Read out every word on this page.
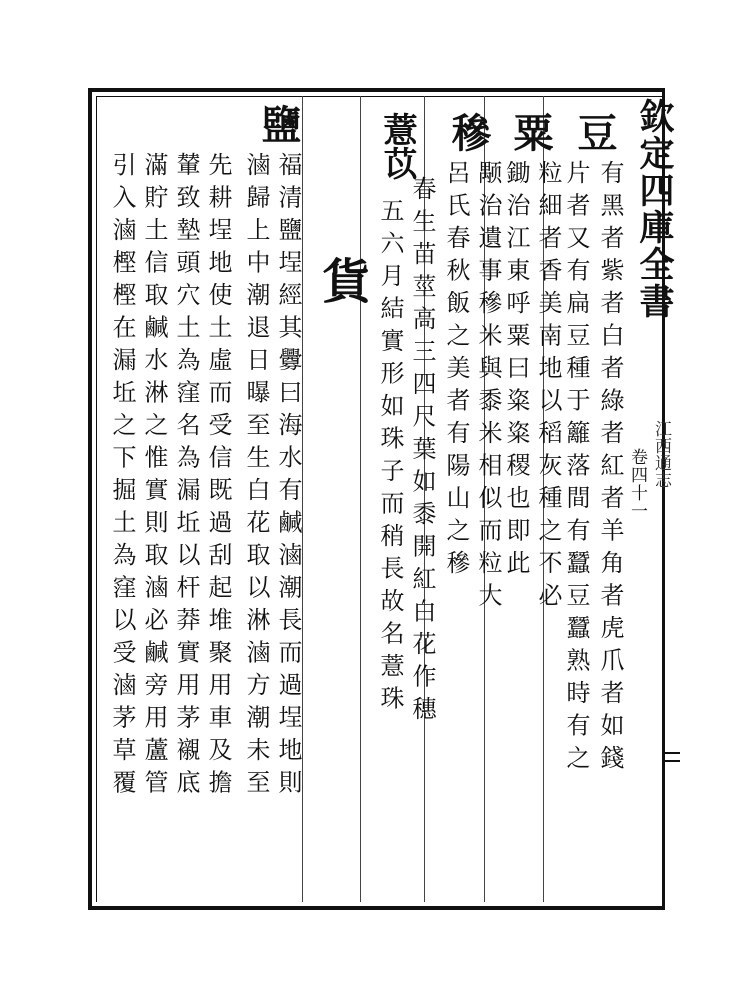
欽定四庫全書
江西通志
卷四十一
豆
有黑者紫者白者綠者紅者羊角者虎爪者如錢
片者又有扁豆種于籬落間有蠶豆蠶熟時有之
粟
粒細者香美南地以稻灰種之不必
鋤治江東呼粟曰粢粢稷也即此
穇
颙治遺事穇米與黍米相似而粒大
呂氏春秋飯之美者有陽山之穇
薏苡
春生苗莖高三四尺葉如黍開紅白花作穗
五六月結實形如珠子而稍長故名薏珠
貨
鹽
福清鹽埕經其釁曰海水有鹹滷潮長而過埕地則
滷歸上中潮退日曝至生白花取以淋滷方潮未至
先耕埕地使土虛而受信既過刮起堆聚用車及擔
輦致墊頭穴土為窪名為漏坵以杆莽實用茅襯底
滿貯土信取鹹水淋之惟實則取滷必鹹旁用蘆管
引入滷樫樫在漏坵之下掘土為窪以受滷茅草覆
